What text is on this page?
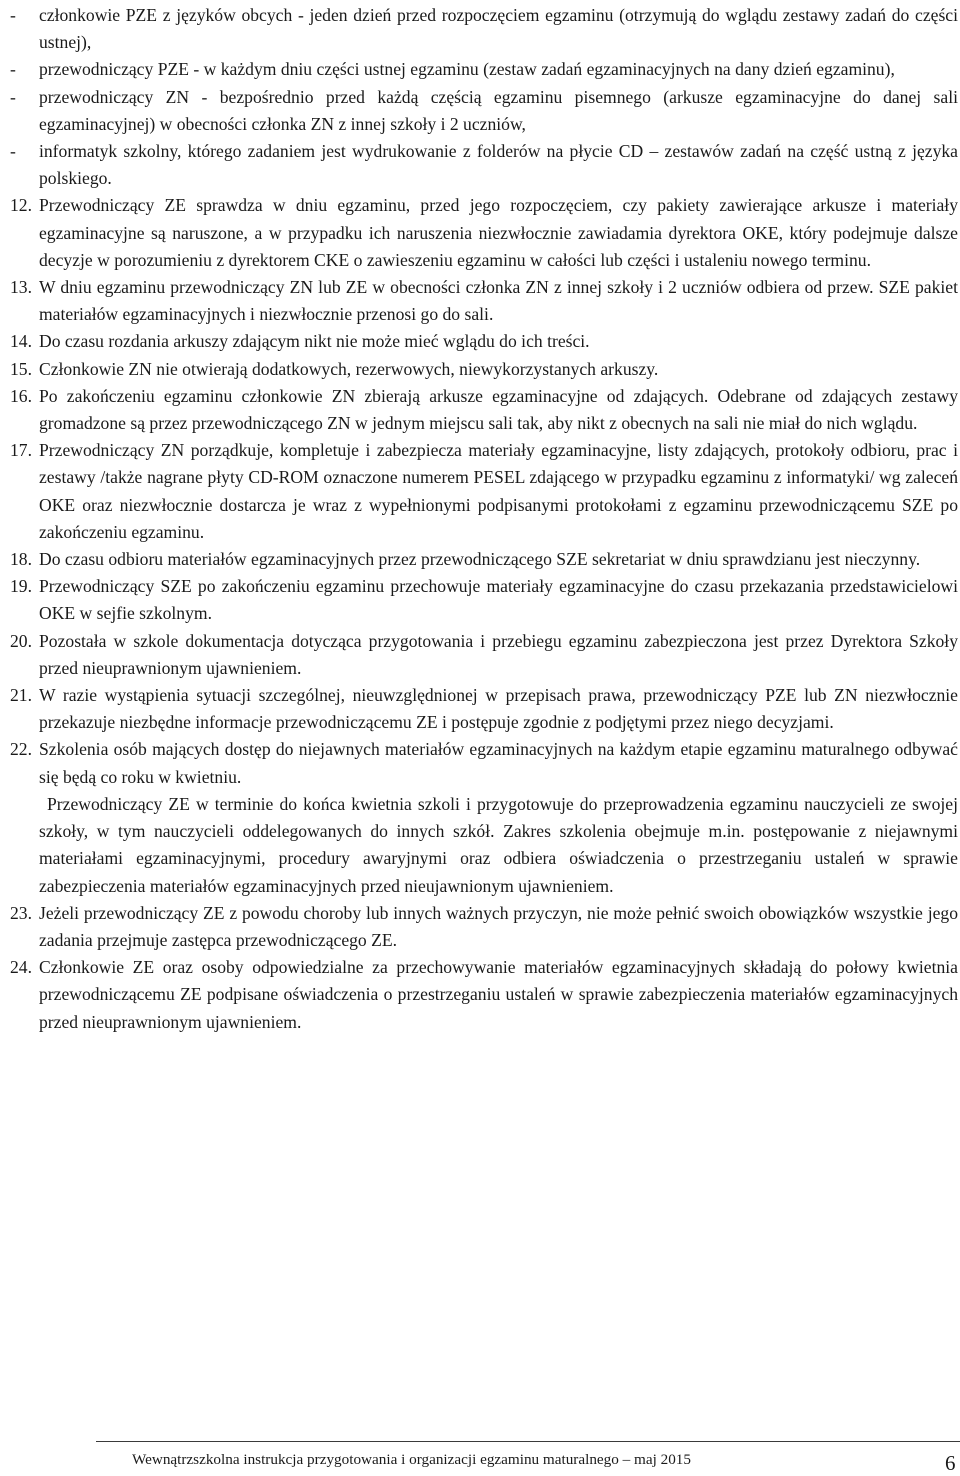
- członkowie PZE z języków obcych - jeden dzień przed rozpoczęciem egzaminu (otrzymują do wglądu zestawy zadań do części ustnej),
- przewodniczący PZE - w każdym dniu części ustnej egzaminu (zestaw zadań egzaminacyjnych na dany dzień egzaminu),
- przewodniczący ZN - bezpośrednio przed każdą częścią egzaminu pisemnego (arkusze egzaminacyjne do danej sali egzaminacyjnej) w obecności członka ZN z innej szkoły i 2 uczniów,
- informatyk szkolny, którego zadaniem jest wydrukowanie z folderów na płycie CD – zestawów zadań na część ustną z języka polskiego.
12. Przewodniczący ZE sprawdza w dniu egzaminu, przed jego rozpoczęciem, czy pakiety zawierające arkusze i materiały egzaminacyjne są naruszone, a w przypadku ich naruszenia niezwłocznie zawiadamia dyrektora OKE, który podejmuje dalsze decyzje w porozumieniu z dyrektorem CKE o zawieszeniu egzaminu w całości lub części i ustaleniu nowego terminu.
13. W dniu egzaminu przewodniczący ZN lub ZE w obecności członka ZN z innej szkoły i 2 uczniów odbiera od przew. SZE pakiet materiałów egzaminacyjnych i niezwłocznie przenosi go do sali.
14. Do czasu rozdania arkuszy zdającym nikt nie może mieć wglądu do ich treści.
15. Członkowie ZN nie otwierają dodatkowych, rezerwowych, niewykorzystanych arkuszy.
16. Po zakończeniu egzaminu członkowie ZN zbierają arkusze egzaminacyjne od zdających. Odebrane od zdających zestawy gromadzone są przez przewodniczącego ZN w jednym miejscu sali tak, aby nikt z obecnych na sali nie miał do nich wglądu.
17. Przewodniczący ZN porządkuje, kompletuje i zabezpiecza materiały egzaminacyjne, listy zdających, protokoły odbioru, prac i zestawy /także nagrane płyty CD-ROM oznaczone numerem PESEL zdającego w przypadku egzaminu z informatyki/ wg zaleceń OKE oraz niezwłocznie dostarcza je wraz z wypełnionymi podpisanymi protokołami z egzaminu przewodniczącemu SZE po zakończeniu egzaminu.
18. Do czasu odbioru materiałów egzaminacyjnych przez przewodniczącego SZE sekretariat w dniu sprawdzianu jest nieczynny.
19. Przewodniczący SZE po zakończeniu egzaminu przechowuje materiały egzaminacyjne do czasu przekazania przedstawicielowi OKE w sejfie szkolnym.
20. Pozostała w szkole dokumentacja dotycząca przygotowania i przebiegu egzaminu zabezpieczona jest przez Dyrektora Szkoły przed nieuprawnionym ujawnieniem.
21. W razie wystąpienia sytuacji szczególnej, nieuwzględnionej w przepisach prawa, przewodniczący PZE lub ZN niezwłocznie przekazuje niezbędne informacje przewodniczącemu ZE i postępuje zgodnie z podjętymi przez niego decyzjami.
22. Szkolenia osób mających dostęp do niejawnych materiałów egzaminacyjnych na każdym etapie egzaminu maturalnego odbywać się będą co roku w kwietniu.
Przewodniczący ZE w terminie do końca kwietnia szkoli i przygotowuje do przeprowadzenia egzaminu nauczycieli ze swojej szkoły, w tym nauczycieli oddelegowanych do innych szkół. Zakres szkolenia obejmuje m.in. postępowanie z niejawnymi materiałami egzaminacyjnymi, procedury awaryjnymi oraz odbiera oświadczenia o przestrzeganiu ustaleń w sprawie zabezpieczenia materiałów egzaminacyjnych przed nieujawnionym ujawnieniem.
23. Jeżeli przewodniczący ZE z powodu choroby lub innych ważnych przyczyn, nie może pełnić swoich obowiązków wszystkie jego zadania przejmuje zastępca przewodniczącego ZE.
24. Członkowie ZE oraz osoby odpowiedzialne za przechowywanie materiałów egzaminacyjnych składają do połowy kwietnia przewodniczącemu ZE podpisane oświadczenia o przestrzeganiu ustaleń w sprawie zabezpieczenia materiałów egzaminacyjnych przed nieuprawnionym ujawnieniem.
Wewnątrzszkolna instrukcja przygotowania i organizacji egzaminu maturalnego – maj 2015	6
